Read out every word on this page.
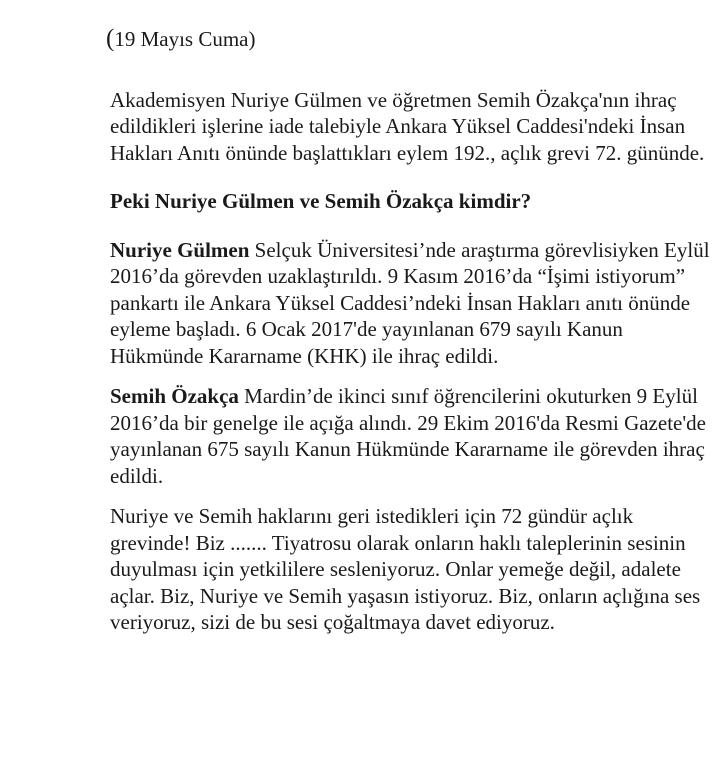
(19 Mayıs Cuma)

Akademisyen Nuriye Gülmen ve öğretmen Semih Özakça'nın ihraç edildikleri işlerine iade talebiyle Ankara Yüksel Caddesi'ndeki İnsan Hakları Anıtı önünde başlattıkları eylem 192., açlık grevi 72. gününde.

Peki Nuriye Gülmen ve Semih Özakça kimdir?

Nuriye Gülmen Selçuk Üniversitesi’nde araştırma görevlisiyken Eylül 2016’da görevden uzaklaştırıldı. 9 Kasım 2016’da “İşimi istiyorum” pankartı ile Ankara Yüksel Caddesi’ndeki İnsan Hakları anıtı önünde eyleme başladı. 6 Ocak 2017'de yayınlanan 679 sayılı Kanun Hükmünde Kararname (KHK) ile ihraç edildi.

Semih Özakça Mardin’de ikinci sınıf öğrencilerini okuturken 9 Eylül 2016’da bir genelge ile açığa alındı. 29 Ekim 2016'da Resmi Gazete'de yayınlanan 675 sayılı Kanun Hükmünde Kararname ile görevden ihraç edildi.

Nuriye ve Semih haklarını geri istedikleri için 72 gündür açlık grevinde! Biz ....... Tiyatrosu olarak onların haklı taleplerinin sesinin duyulması için yetkililere sesleniyoruz. Onlar yemeğe değil, adalete açlar. Biz, Nuriye ve Semih yaşasın istiyoruz. Biz, onların açlığına ses veriyoruz, sizi de bu sesi çoğaltmaya davet ediyoruz.
